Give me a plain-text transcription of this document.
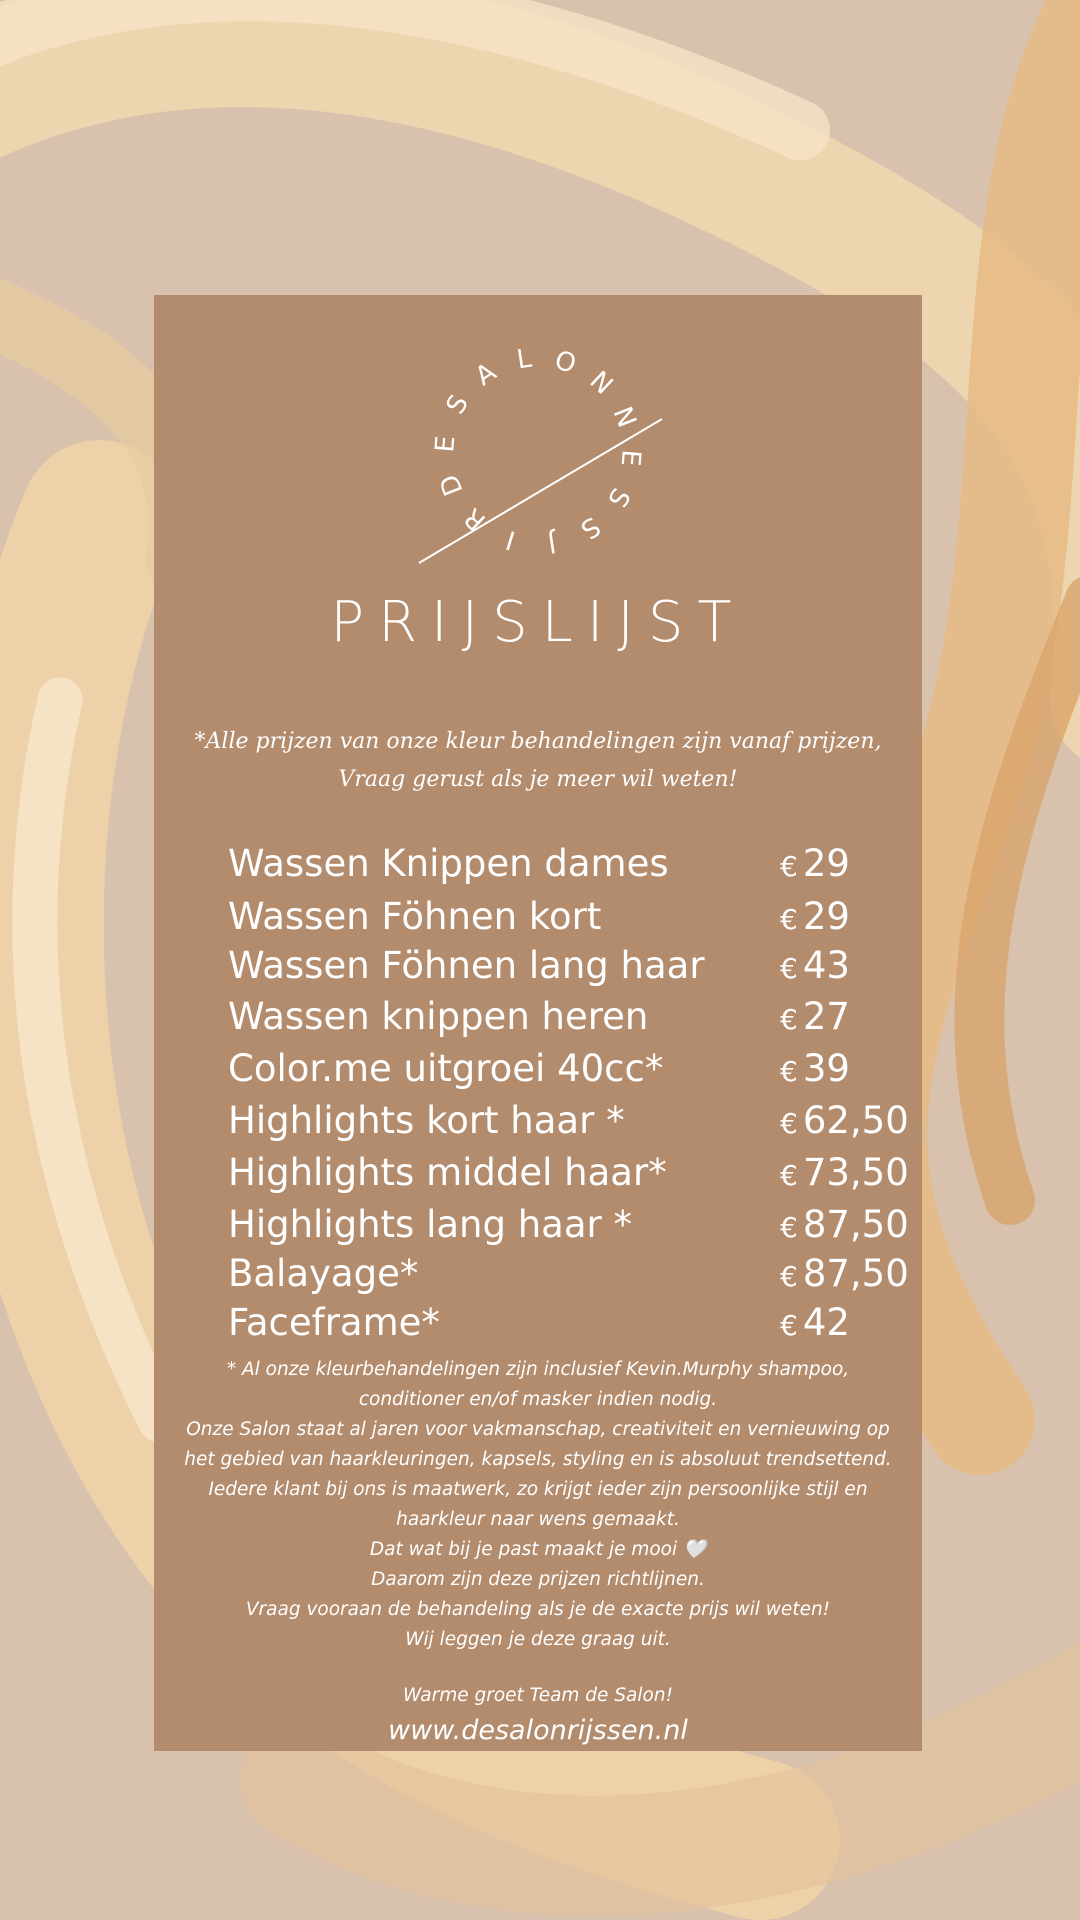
S
A L O
N
N
E
S
S
J
I
R
D
E
PRIJSLIJST
*Alle prijzen van onze kleur behandelingen zijn vanaf prijzen,
Vraag gerust als je meer wil weten!
Wassen Knippen dames	€ 29
Wassen Föhnen kort	€ 29
Wassen Föhnen lang haar	€ 43
Wassen knippen heren	€ 27
Color.me uitgroei 40cc*	€ 39
Highlights kort haar *	€ 62,50
Highlights middel haar*	€ 73,50
Highlights lang haar *	€ 87,50
Balayage*	€ 87,50
Faceframe*	€ 42
* Al onze kleurbehandelingen zijn inclusief Kevin.Murphy shampoo,
conditioner en/of masker indien nodig.
Onze Salon staat al jaren voor vakmanschap, creativiteit en vernieuwing op
het gebied van haarkleuringen, kapsels, styling en is absoluut trendsettend.
Iedere klant bij ons is maatwerk, zo krijgt ieder zijn persoonlijke stijl en
haarkleur naar wens gemaakt.
Dat wat bij je past maakt je mooi 🤍
Daarom zijn deze prijzen richtlijnen.
Vraag vooraan de behandeling als je de exacte prijs wil weten!
Wij leggen je deze graag uit.
Warme groet Team de Salon!
www.desalonrijssen.nl
